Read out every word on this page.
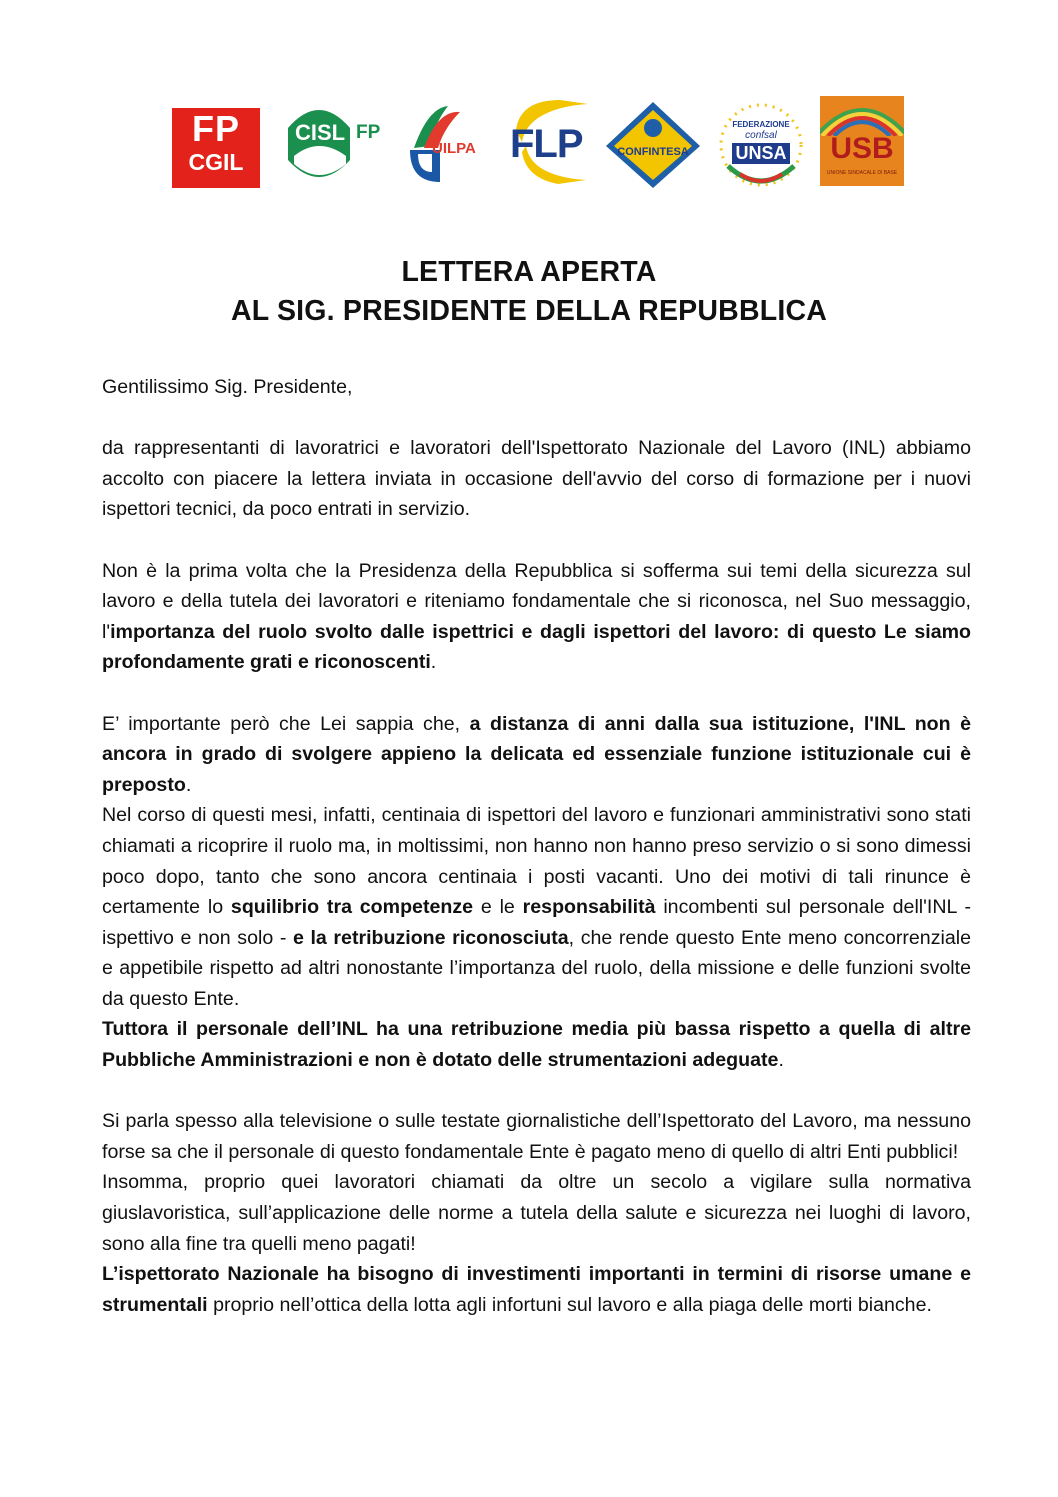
FP
CGIL
CISL FP
UILPA FLP	CONFINTESA
FEDERAZIONE
confsal
UNSA	USB
UNIONE SINDACALE DI BASE
LETTERA APERTA
AL SIG. PRESIDENTE DELLA REPUBBLICA

Gentilissimo Sig. Presidente,

da rappresentanti di lavoratrici e lavoratori dell'Ispettorato Nazionale del Lavoro (INL) abbiamo accolto con piacere la lettera inviata in occasione dell'avvio del corso di formazione per i nuovi ispettori tecnici, da poco entrati in servizio.

Non è la prima volta che la Presidenza della Repubblica si sofferma sui temi della sicurezza sul lavoro e della tutela dei lavoratori e riteniamo fondamentale che si riconosca, nel Suo messaggio, l'importanza del ruolo svolto dalle ispettrici e dagli ispettori del lavoro: di questo Le siamo profondamente grati e riconoscenti.

E’ importante però che Lei sappia che, a distanza di anni dalla sua istituzione, l'INL non è ancora in grado di svolgere appieno la delicata ed essenziale funzione istituzionale cui è preposto.

Nel corso di questi mesi, infatti, centinaia di ispettori del lavoro e funzionari amministrativi sono stati chiamati a ricoprire il ruolo ma, in moltissimi, non hanno non hanno preso servizio o si sono dimessi poco dopo, tanto che sono ancora centinaia i posti vacanti. Uno dei motivi di tali rinunce è certamente lo squilibrio tra competenze e le responsabilità incombenti sul personale dell'INL - ispettivo e non solo - e la retribuzione riconosciuta, che rende questo Ente meno concorrenziale e appetibile rispetto ad altri nonostante l’importanza del ruolo, della missione e delle funzioni svolte da questo Ente.

Tuttora il personale dell’INL ha una retribuzione media più bassa rispetto a quella di altre Pubbliche Amministrazioni e non è dotato delle strumentazioni adeguate.

Si parla spesso alla televisione o sulle testate giornalistiche dell’Ispettorato del Lavoro, ma nessuno forse sa che il personale di questo fondamentale Ente è pagato meno di quello di altri Enti pubblici!

Insomma, proprio quei lavoratori chiamati da oltre un secolo a vigilare sulla normativa giuslavoristica, sull’applicazione delle norme a tutela della salute e sicurezza nei luoghi di lavoro, sono alla fine tra quelli meno pagati!

L’ispettorato Nazionale ha bisogno di investimenti importanti in termini di risorse umane e strumentali proprio nell’ottica della lotta agli infortuni sul lavoro e alla piaga delle morti bianche.
